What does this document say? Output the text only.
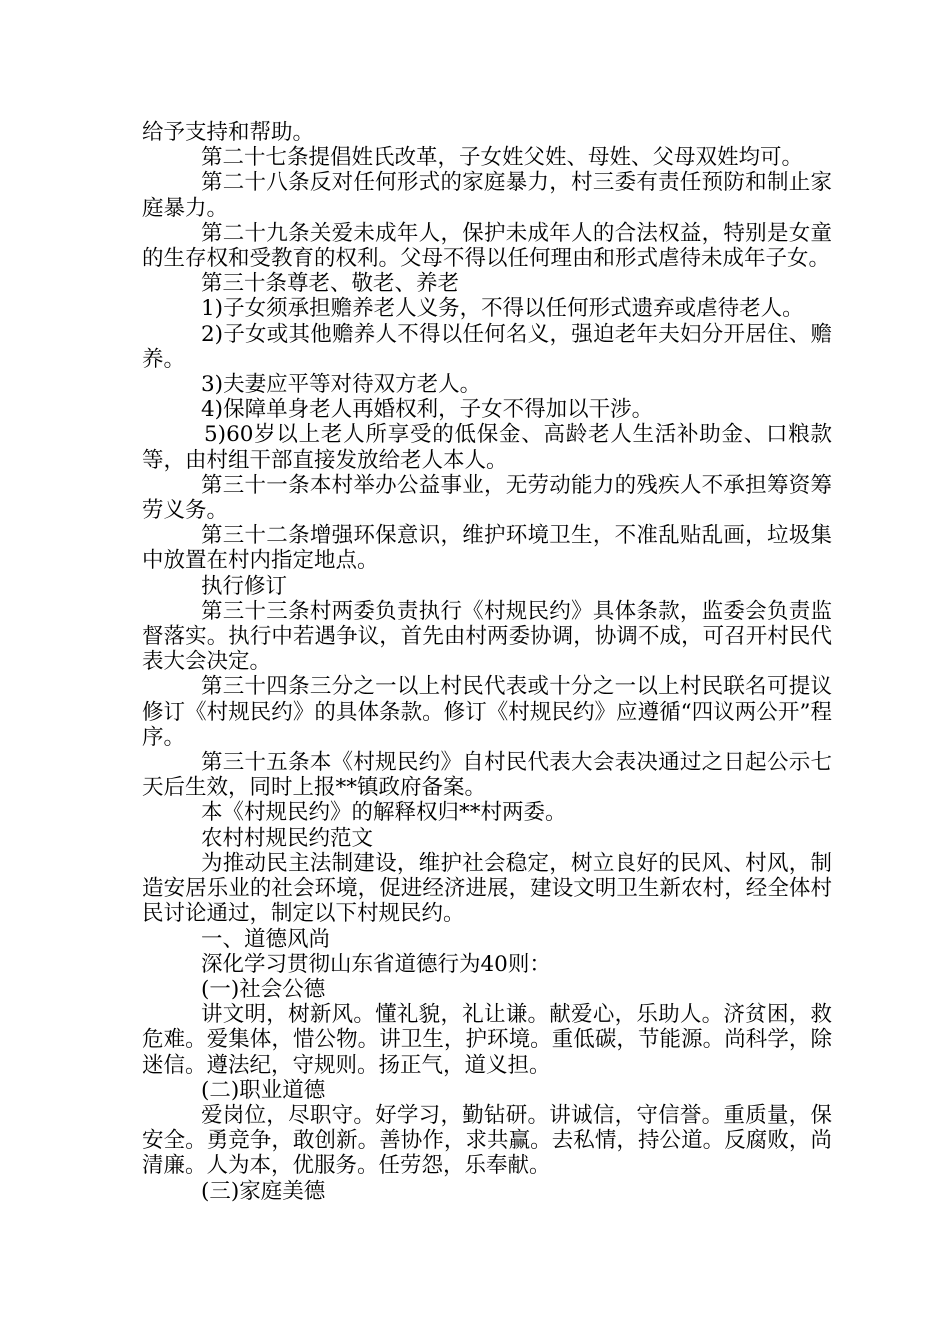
给予支持和帮助。

第二十七条提倡姓氏改革，子女姓父姓、母姓、父母双姓均可。

第二十八条反对任何形式的家庭暴力，村三委有责任预防和制止家庭暴力。

第二十九条关爱未成年人，保护未成年人的合法权益，特别是女童的生存权和受教育的权利。父母不得以任何理由和形式虐待未成年子女。

第三十条尊老、敬老、养老

1)子女须承担赡养老人义务，不得以任何形式遗弃或虐待老人。

2)子女或其他赡养人不得以任何名义，强迫老年夫妇分开居住、赡养。

3)夫妻应平等对待双方老人。

4)保障单身老人再婚权利，子女不得加以干涉。

5)60岁以上老人所享受的低保金、高龄老人生活补助金、口粮款等，由村组干部直接发放给老人本人。

第三十一条本村举办公益事业，无劳动能力的残疾人不承担筹资筹劳义务。

第三十二条增强环保意识，维护环境卫生，不准乱贴乱画，垃圾集中放置在村内指定地点。

执行修订

第三十三条村两委负责执行《村规民约》具体条款，监委会负责监督落实。执行中若遇争议，首先由村两委协调，协调不成，可召开村民代表大会决定。

第三十四条三分之一以上村民代表或十分之一以上村民联名可提议修订《村规民约》的具体条款。修订《村规民约》应遵循“四议两公开”程序。

第三十五条本《村规民约》自村民代表大会表决通过之日起公示七天后生效，同时上报**镇政府备案。

本《村规民约》的解释权归**村两委。

农村村规民约范文

为推动民主法制建设，维护社会稳定，树立良好的民风、村风，制造安居乐业的社会环境，促进经济进展，建设文明卫生新农村，经全体村民讨论通过，制定以下村规民约。

一、道德风尚

深化学习贯彻山东省道德行为40则：

(一)社会公德

讲文明，树新风。懂礼貌，礼让谦。献爱心，乐助人。济贫困，救危难。爱集体，惜公物。讲卫生，护环境。重低碳，节能源。尚科学，除迷信。遵法纪，守规则。扬正气，道义担。

(二)职业道德

爱岗位，尽职守。好学习，勤钻研。讲诚信，守信誉。重质量，保安全。勇竞争，敢创新。善协作，求共赢。去私情，持公道。反腐败，尚清廉。人为本，优服务。任劳怨，乐奉献。

(三)家庭美德
